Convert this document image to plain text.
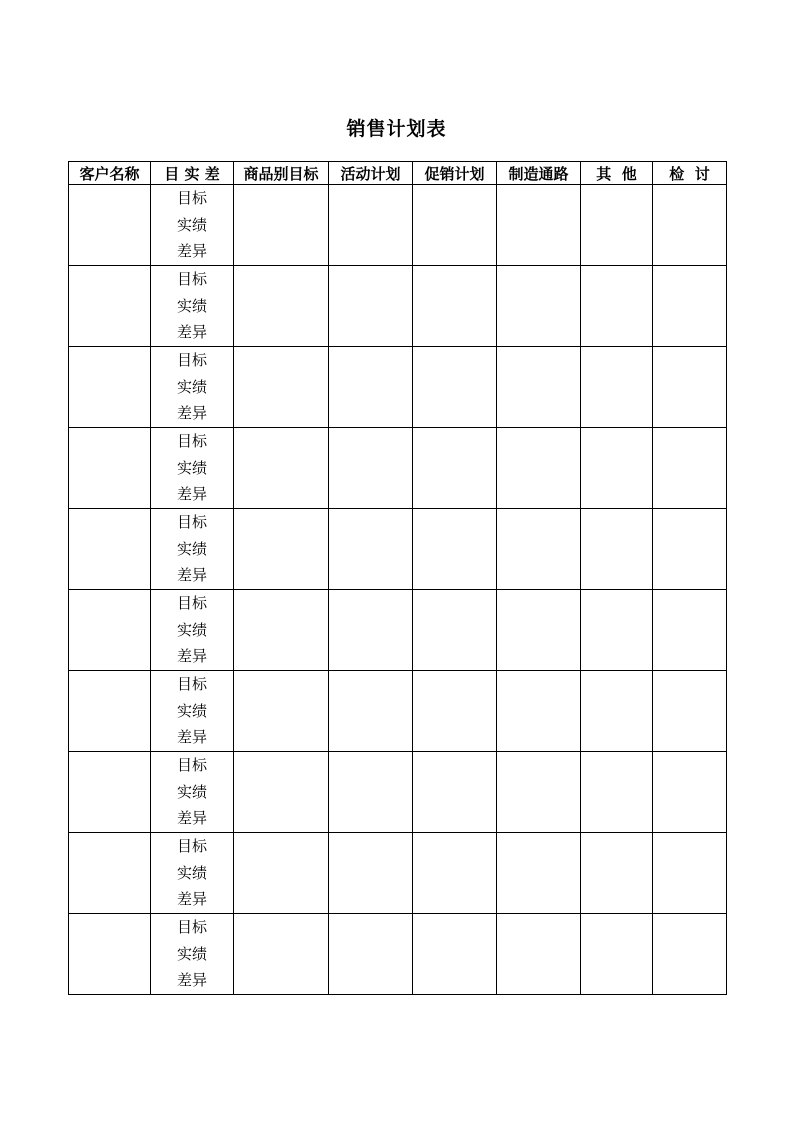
销售计划表
客户名称	目 实 差	商品别目标	活动计划	促销计划	制造通路	其  他	检  讨

	目标
实绩
差异						

	目标
实绩
差异						

	目标
实绩
差异						

	目标
实绩
差异						

	目标
实绩
差异						

	目标
实绩
差异						

	目标
实绩
差异						

	目标
实绩
差异						

	目标
实绩
差异						

	目标
实绩
差异						
